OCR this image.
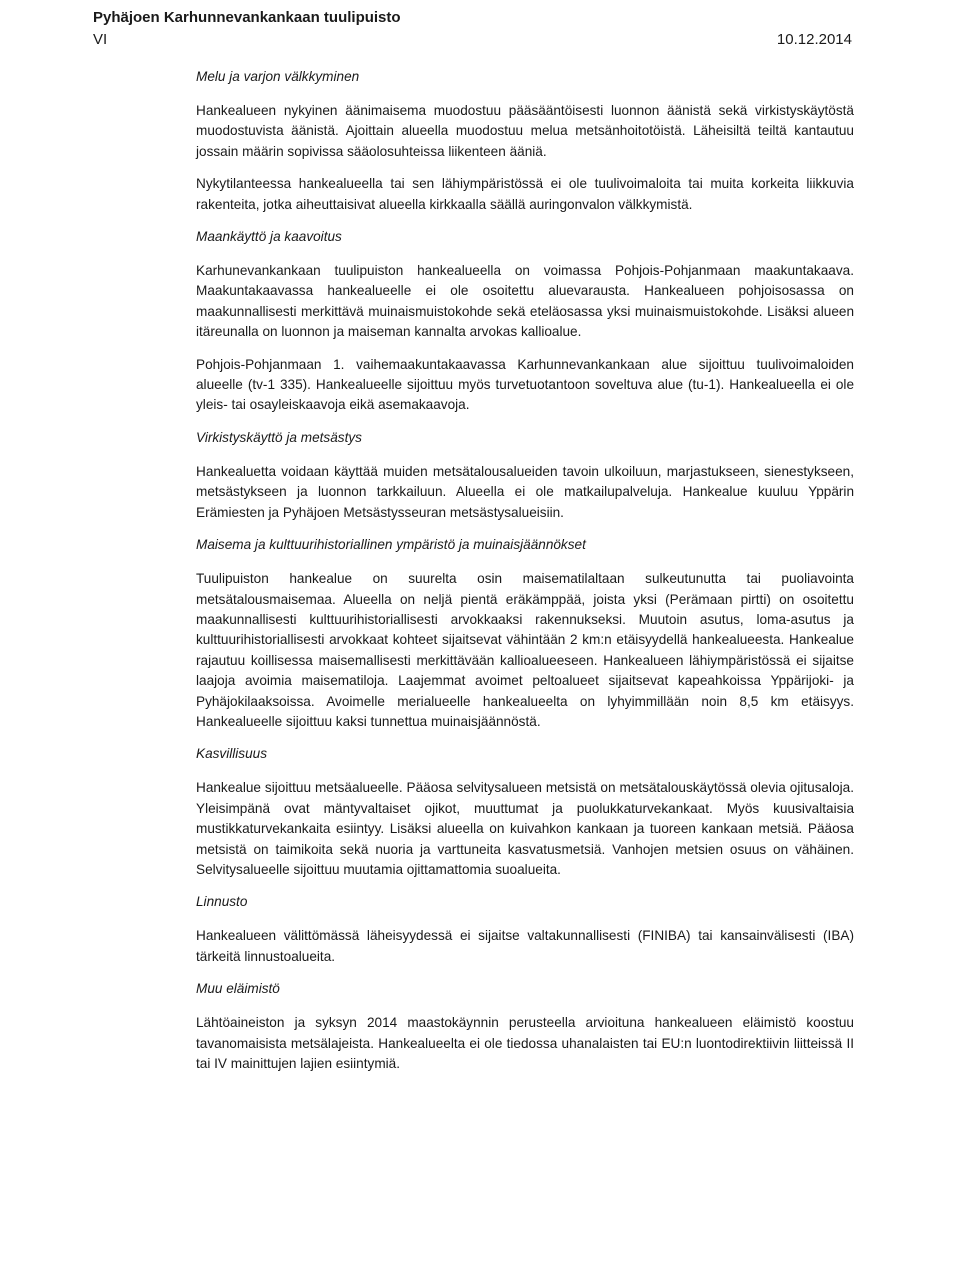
Pyhäjoen Karhunnevankankaan tuulipuisto
VI	10.12.2014
Melu ja varjon välkkyminen

Hankealueen nykyinen äänimaisema muodostuu pääsääntöisesti luonnon äänistä sekä virkistyskäytöstä muodostuvista äänistä. Ajoittain alueella muodostuu melua metsänhoitotöistä. Läheisiltä teiltä kantautuu jossain määrin sopivissa sääolosuhteissa liikenteen ääniä.

Nykytilanteessa hankealueella tai sen lähiympäristössä ei ole tuulivoimaloita tai muita korkeita liikkuvia rakenteita, jotka aiheuttaisivat alueella kirkkaalla säällä auringonvalon välkkymistä.

Maankäyttö ja kaavoitus

Karhunevankankaan tuulipuiston hankealueella on voimassa Pohjois-Pohjanmaan maakuntakaava. Maakuntakaavassa hankealueelle ei ole osoitettu aluevarausta. Hankealueen pohjoisosassa on maakunnallisesti merkittävä muinaismuistokohde sekä eteläosassa yksi muinaismuistokohde. Lisäksi alueen itäreunalla on luonnon ja maiseman kannalta arvokas kallioalue.

Pohjois-Pohjanmaan 1. vaihemaakuntakaavassa Karhunnevankankaan alue sijoittuu tuulivoimaloiden alueelle (tv-1 335). Hankealueelle sijoittuu myös turvetuotantoon soveltuva alue (tu-1). Hankealueella ei ole yleis- tai osayleiskaavoja eikä asemakaavoja.

Virkistyskäyttö ja metsästys

Hankealuetta voidaan käyttää muiden metsätalousalueiden tavoin ulkoiluun, marjastukseen, sienestykseen, metsästykseen ja luonnon tarkkailuun. Alueella ei ole matkailupalveluja. Hankealue kuuluu Yppärin Erämiesten ja Pyhäjoen Metsästysseuran metsästysalueisiin.

Maisema ja kulttuurihistoriallinen ympäristö ja muinaisjäännökset

Tuulipuiston hankealue on suurelta osin maisematilaltaan sulkeutunutta tai puoliavointa metsätalousmaisemaa. Alueella on neljä pientä eräkämppää, joista yksi (Perämaan pirtti) on osoitettu maakunnallisesti kulttuurihistoriallisesti arvokkaaksi rakennukseksi. Muutoin asutus, loma-asutus ja kulttuurihistoriallisesti arvokkaat kohteet sijaitsevat vähintään 2 km:n etäisyydellä hankealueesta. Hankealue rajautuu koillisessa maisemallisesti merkittävään kallioalueeseen. Hankealueen lähiympäristössä ei sijaitse laajoja avoimia maisematiloja. Laajemmat avoimet peltoalueet sijaitsevat kapeahkoissa Yppärijoki- ja Pyhäjokilaaksoissa. Avoimelle merialueelle hankealueelta on lyhyimmillään noin 8,5 km etäisyys. Hankealueelle sijoittuu kaksi tunnettua muinaisjäännöstä.

Kasvillisuus

Hankealue sijoittuu metsäalueelle. Pääosa selvitysalueen metsistä on metsätalouskäytössä olevia ojitusaloja. Yleisimpänä ovat mäntyvaltaiset ojikot, muuttumat ja puolukkaturvekankaat. Myös kuusivaltaisia mustikkaturvekankaita esiintyy. Lisäksi alueella on kuivahkon kankaan ja tuoreen kankaan metsiä. Pääosa metsistä on taimikoita sekä nuoria ja varttuneita kasvatusmetsiä. Vanhojen metsien osuus on vähäinen. Selvitysalueelle sijoittuu muutamia ojittamattomia suoalueita.

Linnusto

Hankealueen välittömässä läheisyydessä ei sijaitse valtakunnallisesti (FINIBA) tai kansainvälisesti (IBA) tärkeitä linnustoalueita.

Muu eläimistö

Lähtöaineiston ja syksyn 2014 maastokäynnin perusteella arvioituna hankealueen eläimistö koostuu tavanomaisista metsälajeista. Hankealueelta ei ole tiedossa uhanalaisten tai EU:n luontodirektiivin liitteissä II tai IV mainittujen lajien esiintymiä.
